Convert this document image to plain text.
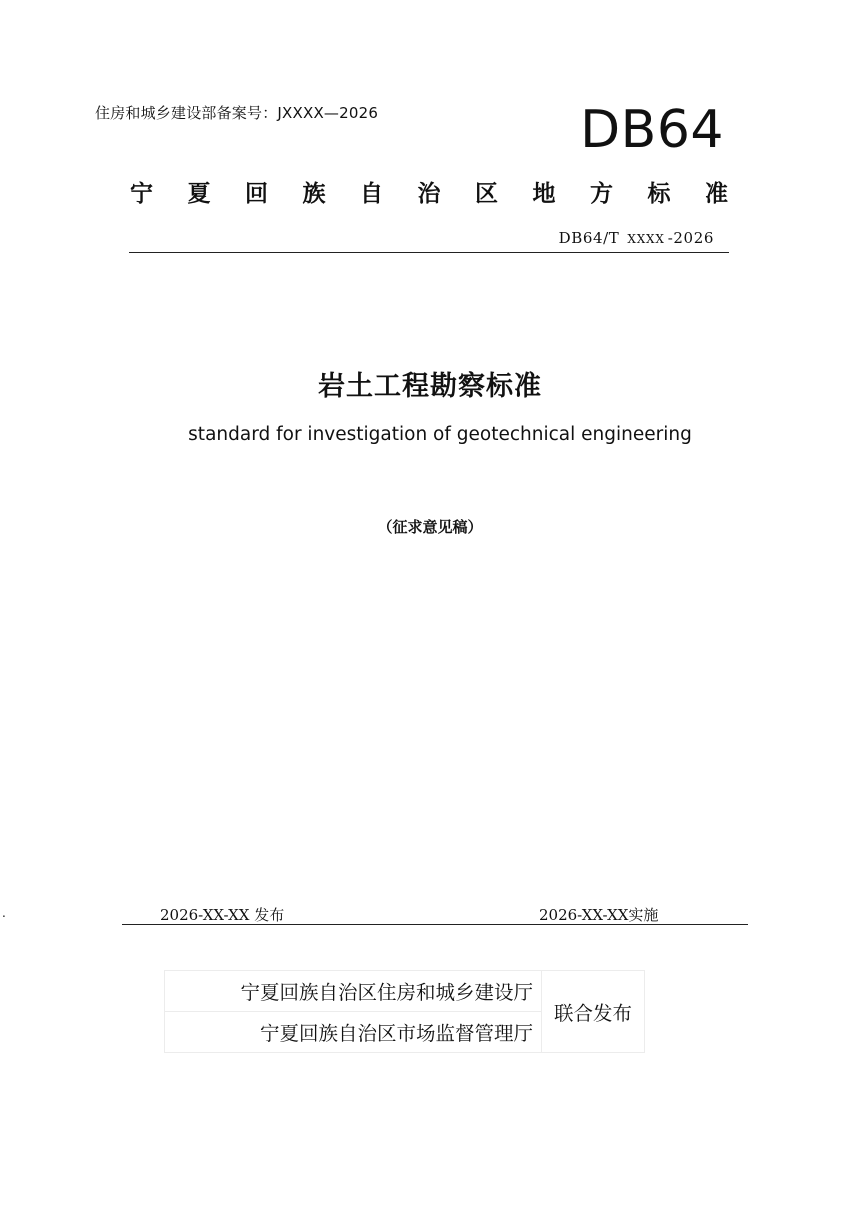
住房和城乡建设部备案号：JXXXX—2026	DB64
宁 夏 回 族 自 治 区 地 方 标 准
DB64/T XXXX -2026
岩土工程勘察标准
standard for investigation of geotechnical engineering
（征求意见稿）
.	2026-XX-XX 发布	2026-XX-XX实施
宁夏回族自治区住房和城乡建设厅	联合发布
宁夏回族自治区市场监督管理厅
